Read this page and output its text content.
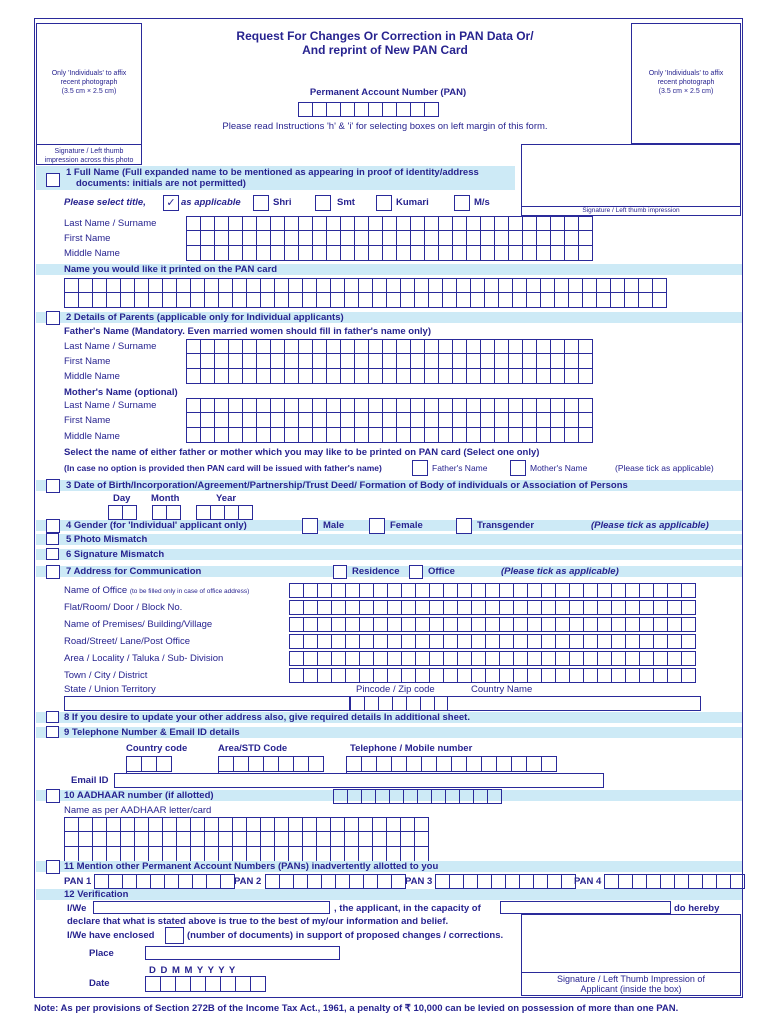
Only 'Individuals' to affix
recent photograph
(3.5 cm × 2.5 cm)
Signature / Left thumb
impression across this photo
Only 'Individuals' to affix
recent photograph
(3.5 cm × 2.5 cm)
Signature / Left thumb impression
Request For Changes Or Correction in PAN Data Or/
And reprint of New PAN Card
Permanent Account Number (PAN)
Please read Instructions 'h' & 'i' for selecting boxes on left margin of this form.
1 Full Name (Full expanded name to be mentioned as appearing in proof of identity/address
documents: initials are not permitted)
Please select title,	✓ as applicable	Shri	Smt	Kumari	M/s
Last Name / Surname
First Name
Middle Name
Name you would like it printed on the PAN card
2 Details of Parents (applicable only for Individual applicants)
Father's Name (Mandatory. Even married women should fill in father's name only)
Last Name / Surname
First Name
Middle Name
Mother's Name (optional)
Last Name / Surname
First Name
Middle Name
Select the name of either father or mother which you may like to be printed on PAN card (Select one only)
(In case no option is provided then PAN card will be issued with father's name)	Father's Name	Mother's Name	(Please tick as applicable)
3 Date of Birth/Incorporation/Agreement/Partnership/Trust Deed/ Formation of Body of individuals or Association of Persons
Day Month	Year
4 Gender (for 'Individual' applicant only)	Male	Female	Transgender	(Please tick as applicable)
5 Photo Mismatch
6 Signature Mismatch
7 Address for Communication	Residence	Office	(Please tick as applicable)
Name of Office (to be filled only in case of office address)
Flat/Room/ Door / Block No.
Name of Premises/ Building/Village
Road/Street/ Lane/Post Office
Area / Locality / Taluka / Sub- Division
Town / City / District
State / Union Territory	Pincode / Zip code	Country Name
8 If you desire to update your other address also, give required details In additional sheet.
9 Telephone Number & Email ID details
Country code	Area/STD Code	Telephone / Mobile number
Email ID
10 AADHAAR number (if allotted)
Name as per AADHAAR letter/card
11 Mention other Permanent Account Numbers (PANs) inadvertently allotted to you
PAN 1	PAN 2	PAN 3	PAN 4
12 Verification
I/We	, the applicant, in the capacity of	do hereby
declare that what is stated above is true to the best of my/our information and belief.
I/We have enclosed	(number of documents) in support of proposed changes / corrections.
Place
D D M M Y Y Y Y
Date	Signature / Left Thumb Impression of
Applicant (inside the box)
Note: As per provisions of Section 272B of the Income Tax Act., 1961, a penalty of ₹ 10,000 can be levied on possession of more than one PAN.
